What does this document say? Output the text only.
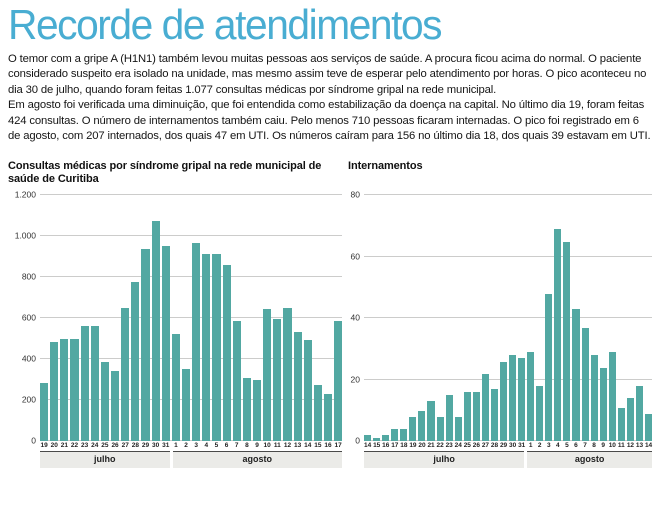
Recorde de atendimentos

O temor com a gripe A (H1N1) também levou muitas pessoas aos serviços de saúde. A procura ficou acima do normal. O paciente considerado suspeito era isolado na unidade, mas mesmo assim teve de esperar pelo atendimento por horas. O pico aconteceu no dia 30 de julho, quando foram feitas 1.077 consultas médicas por síndrome gripal na rede municipal.

Em agosto foi verificada uma diminuição, que foi entendida como estabilização da doença na capital. No último dia 19, foram feitas 424 consultas. O número de internamentos também caiu. Pelo menos 710 pessoas ficaram internadas. O pico foi registrado em 6 de agosto, com 207 internados, dos quais 47 em UTI. Os números caíram para 156 no último dia 18, dos quais 39 estavam em UTI.

Consultas médicas por síndrome gripal na rede municipal de saúde de Curitiba
1.200
1.000
800
600
400
200
0 19 20 21 22 23 24 25 26 27 28 29 30 31 1	2	3	4	5	6	7	8	9 10 11 12 13 14 15 16 17
julho	agosto
Internamentos
80
60
40
20
0 14 15 16 17 18 19 20 21 22 23 24 25 26 27 28 29 30 31 1 2 3 4 5 6 7 8 9 10 11 12 13 14
julho	agosto
